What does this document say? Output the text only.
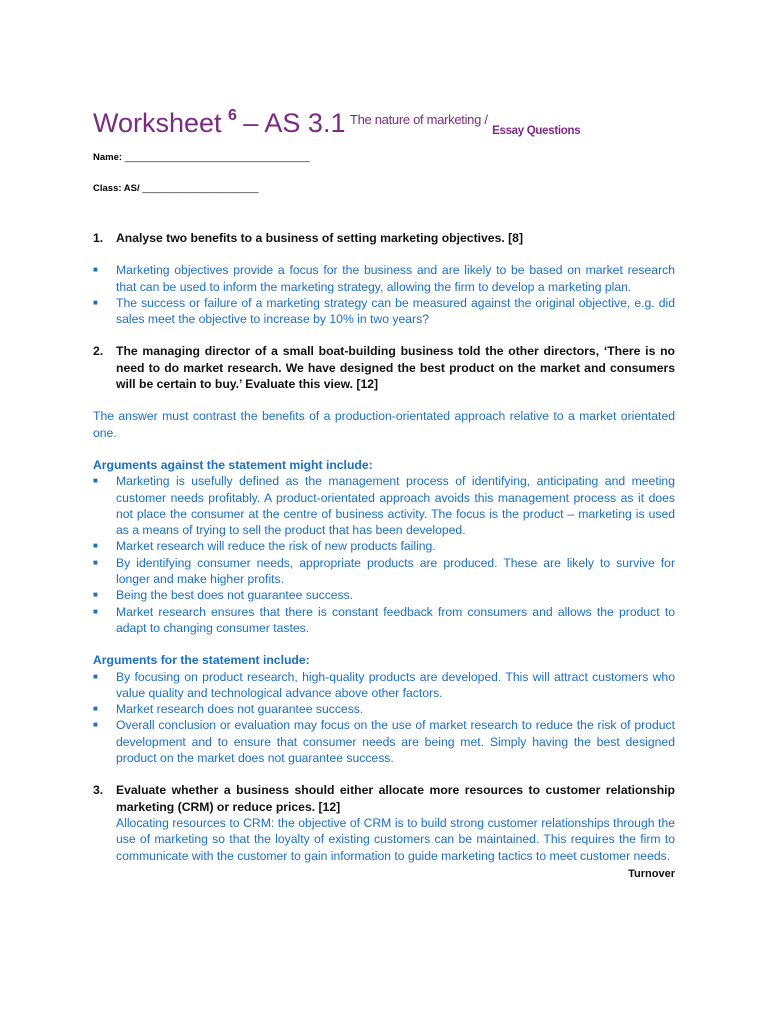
Worksheet 6 – AS 3.1 $^{The nature of marketing /}$ Essay Questions
Name: ___________________________________
Class: AS/ ______________________
1.	Analyse two benefits to a business of setting marketing objectives. [8]
■	Marketing objectives provide a focus for the business and are likely to be based on market research that can be used to inform the marketing strategy, allowing the firm to develop a marketing plan.
■	The success or failure of a marketing strategy can be measured against the original objective, e.g. did sales meet the objective to increase by 10% in two years?
2.	The managing director of a small boat-building business told the other directors, ‘There is no need to do market research. We have designed the best product on the market and consumers will be certain to buy.’ Evaluate this view. [12]
The answer must contrast the benefits of a production-orientated approach relative to a market orientated one.
Arguments against the statement might include:
■	Marketing is usefully defined as the management process of identifying, anticipating and meeting customer needs profitably. A product-orientated approach avoids this management process as it does not place the consumer at the centre of business activity. The focus is the product – marketing is used as a means of trying to sell the product that has been developed.
■	Market research will reduce the risk of new products failing.
■	By identifying consumer needs, appropriate products are produced. These are likely to survive for longer and make higher profits.
■	Being the best does not guarantee success.
■	Market research ensures that there is constant feedback from consumers and allows the product to adapt to changing consumer tastes.
Arguments for the statement include:
■	By focusing on product research, high-quality products are developed. This will attract customers who value quality and technological advance above other factors.
■	Market research does not guarantee success.
■	Overall conclusion or evaluation may focus on the use of market research to reduce the risk of product development and to ensure that consumer needs are being met. Simply having the best designed product on the market does not guarantee success.
3.	Evaluate whether a business should either allocate more resources to customer relationship marketing (CRM) or reduce prices. [12]
Allocating resources to CRM: the objective of CRM is to build strong customer relationships through the use of marketing so that the loyalty of existing customers can be maintained. This requires the firm to communicate with the customer to gain information to guide marketing tactics to meet customer needs.
Turnover
